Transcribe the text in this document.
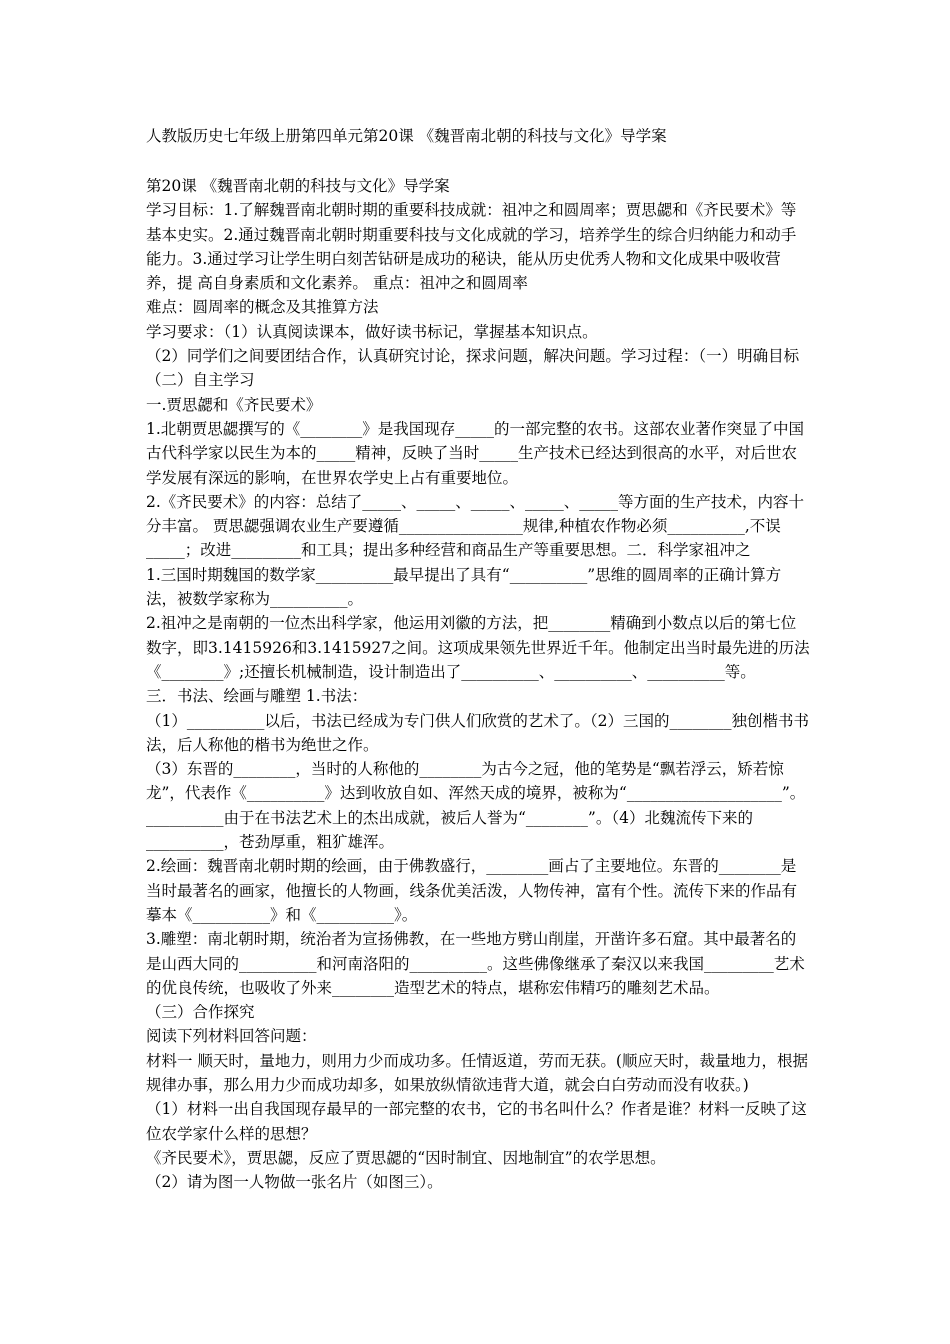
人教版历史七年级上册第四单元第20课 《魏晋南北朝的科技与文化》导学案

第20课 《魏晋南北朝的科技与文化》导学案

学习目标：1.了解魏晋南北朝时期的重要科技成就：祖冲之和圆周率；贾思勰和《齐民要术》等基本史实。2.通过魏晋南北朝时期重要科技与文化成就的学习，培养学生的综合归纳能力和动手能力。3.通过学习让学生明白刻苦钻研是成功的秘诀，能从历史优秀人物和文化成果中吸收营养，提 高自身素质和文化素养。 重点：祖冲之和圆周率

难点：圆周率的概念及其推算方法

学习要求：（1）认真阅读课本，做好读书标记，掌握基本知识点。

（2）同学们之间要团结合作，认真研究讨论，探求问题，解决问题。学习过程：（一）明确目标（二）自主学习

一.贾思勰和《齐民要术》

1.北朝贾思勰撰写的《________》是我国现存_____的一部完整的农书。这部农业著作突显了中国古代科学家以民生为本的_____精神，反映了当时_____生产技术已经达到很高的水平，对后世农学发展有深远的影响，在世界农学史上占有重要地位。

2.《齐民要术》的内容：总结了_____、_____、_____、_____、_____等方面的生产技术，内容十分丰富。 贾思勰强调农业生产要遵循________________规律,种植农作物必须__________,不误_____；改进_________和工具；提出多种经营和商品生产等重要思想。二．科学家祖冲之

1.三国时期魏国的数学家__________最早提出了具有“__________”思维的圆周率的正确计算方法，被数学家称为__________。

2.祖冲之是南朝的一位杰出科学家，他运用刘徽的方法，把________精确到小数点以后的第七位数字，即3.1415926和3.1415927之间。这项成果领先世界近千年。他制定出当时最先进的历法《________》;还擅长机械制造，设计制造出了__________、__________、__________等。

三．书法、绘画与雕塑 1.书法：

（1）__________以后，书法已经成为专门供人们欣赏的艺术了。（2）三国的________独创楷书书法，后人称他的楷书为绝世之作。

（3）东晋的________，当时的人称他的________为古今之冠，他的笔势是“飘若浮云，矫若惊龙”，代表作《__________》达到收放自如、浑然天成的境界，被称为“____________________”。__________由于在书法艺术上的杰出成就，被后人誉为“________”。（4）北魏流传下来的__________，苍劲厚重，粗犷雄浑。

2.绘画：魏晋南北朝时期的绘画，由于佛教盛行，________画占了主要地位。东晋的________是当时最著名的画家，他擅长的人物画，线条优美活泼，人物传神，富有个性。流传下来的作品有摹本《__________》和《__________》。

3.雕塑：南北朝时期，统治者为宣扬佛教，在一些地方劈山削崖，开凿许多石窟。其中最著名的是山西大同的__________和河南洛阳的__________。这些佛像继承了秦汉以来我国_________艺术的优良传统，也吸收了外来________造型艺术的特点，堪称宏伟精巧的雕刻艺术品。

（三）合作探究

阅读下列材料回答问题：

材料一 顺天时，量地力，则用力少而成功多。任情返道，劳而无获。(顺应天时，裁量地力，根据规律办事，那么用力少而成功却多，如果放纵情欲违背大道，就会白白劳动而没有收获。)

（1）材料一出自我国现存最早的一部完整的农书，它的书名叫什么？作者是谁？材料一反映了这位农学家什么样的思想？

《齐民要术》，贾思勰，反应了贾思勰的“因时制宜、因地制宜”的农学思想。

（2）请为图一人物做一张名片（如图三）。
